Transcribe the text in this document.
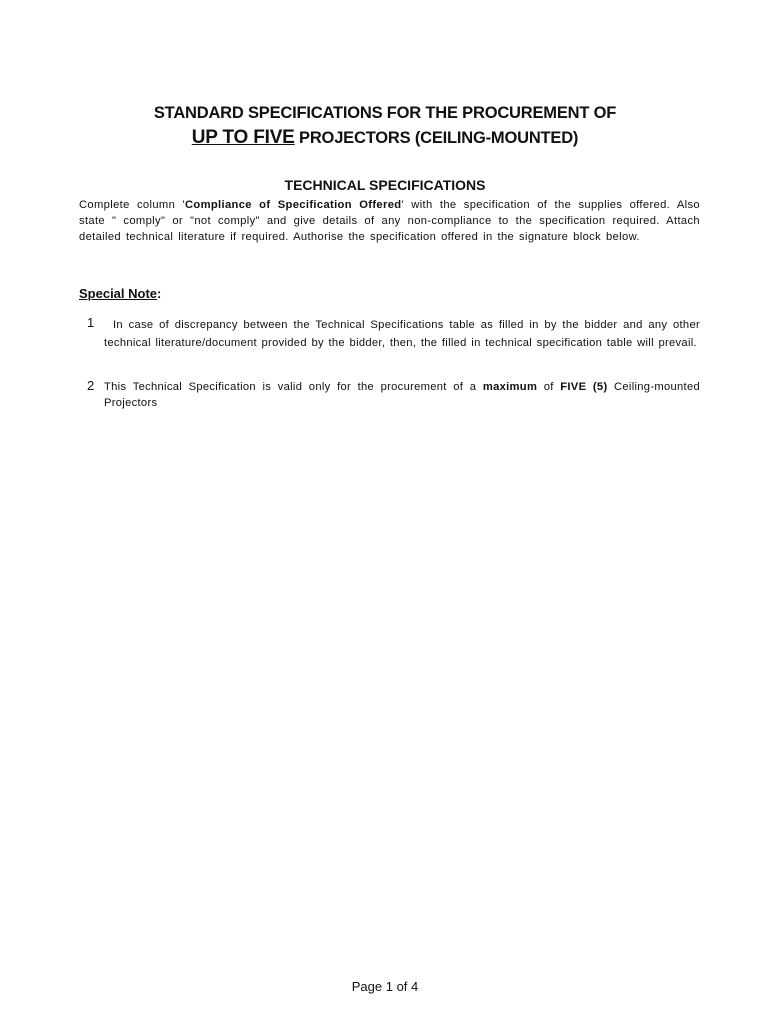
STANDARD SPECIFICATIONS FOR THE PROCUREMENT OF
UP TO FIVE PROJECTORS (CEILING-MOUNTED)
TECHNICAL SPECIFICATIONS
Complete column 'Compliance of Specification Offered' with the specification of the supplies offered. Also state " comply" or "not comply" and give details of any non-compliance to the specification required. Attach detailed technical literature if required. Authorise the specification offered in the signature block below.
Special Note:
1	In case of discrepancy between the Technical Specifications table as filled in by the bidder and any other technical literature/document provided by the bidder, then, the filled in technical specification table will prevail.
2 This Technical Specification is valid only for the procurement of a maximum of FIVE (5) Ceiling-mounted Projectors
Page 1 of 4
